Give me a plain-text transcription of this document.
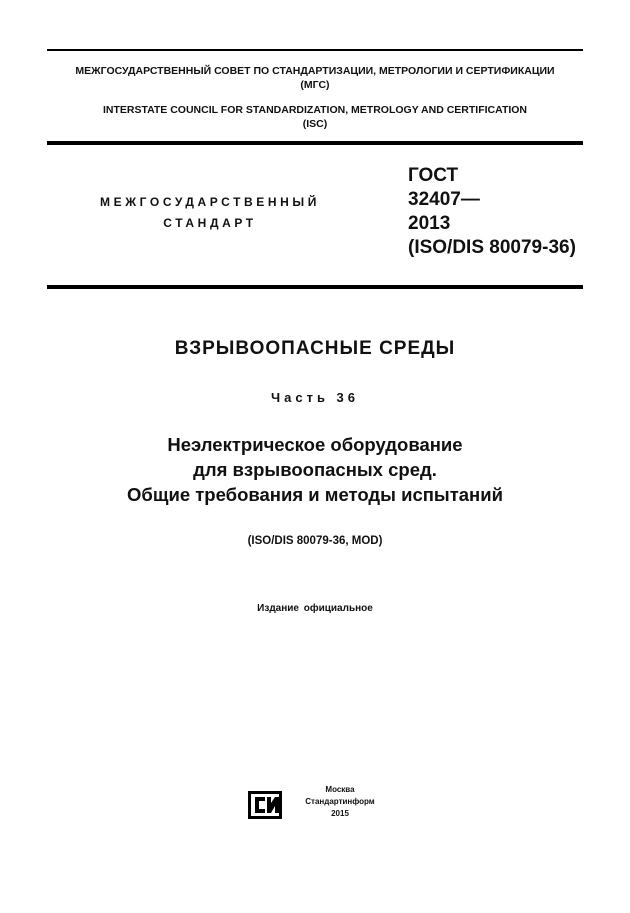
МЕЖГОСУДАРСТВЕННЫЙ СОВЕТ ПО СТАНДАРТИЗАЦИИ, МЕТРОЛОГИИ И СЕРТИФИКАЦИИ
(МГС)
INTERSTATE COUNCIL FOR STANDARDIZATION, METROLOGY AND CERTIFICATION
(ISC)
МЕЖГОСУДАРСТВЕННЫЙ
СТАНДАРТ
ГОСТ
32407—
2013
(ISO/DIS 80079-36)
ВЗРЫВООПАСНЫЕ СРЕДЫ
Часть 36
Неэлектрическое оборудование
для взрывоопасных сред.
Общие требования и методы испытаний
(ISO/DIS 80079-36, MOD)
Издание официальное
Москва
Стандартинформ
2015
